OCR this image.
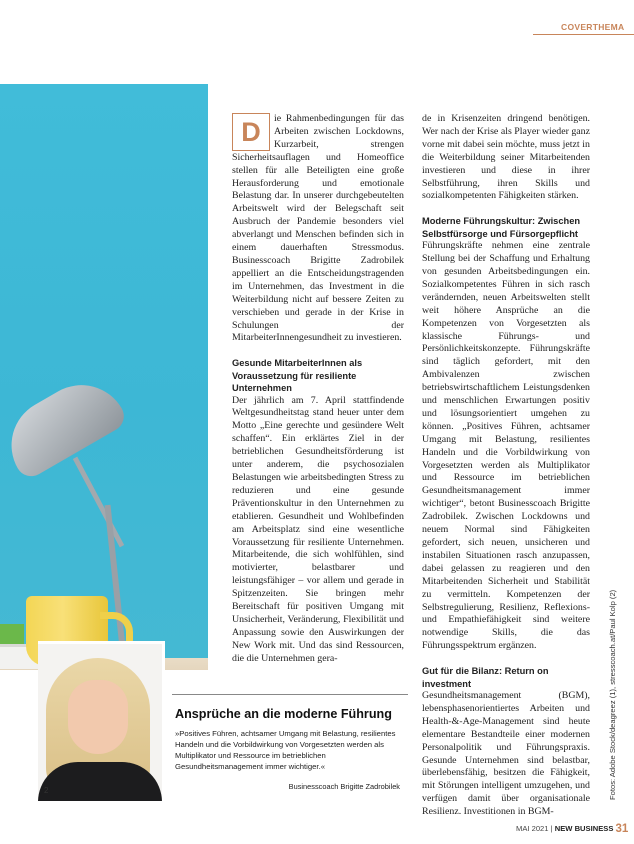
COVERTHEMA
2
D	ie Rahmenbedingungen für das Arbeiten zwischen Lockdowns, Kurzarbeit, strengen Sicherheitsauflagen und Homeoffice stellen für alle Beteiligten eine große Herausforderung und emotionale Belastung dar. In unserer durchgebeutelten Arbeitswelt wird der Belegschaft seit Ausbruch der Pandemie besonders viel abverlangt und Menschen befinden sich in einem dauerhaften Stressmodus. Businesscoach Brigitte Zadrobilek appelliert an die Entscheidungstragenden im Unternehmen, das Investment in die Weiterbildung nicht auf bessere Zeiten zu verschieben und gerade in der Krise in Schulungen der MitarbeiterInnengesundheit zu investieren.

Gesunde MitarbeiterInnen als Voraussetzung für resiliente Unternehmen

Der jährlich am 7. April stattfindende Weltgesundheitstag stand heuer unter dem Motto „Eine gerechte und gesündere Welt schaffen“. Ein erklärtes Ziel in der betrieblichen Gesundheitsförderung ist unter anderem, die psychosozialen Belastungen wie arbeitsbedingten Stress zu reduzieren und eine gesunde Präventionskultur in den Unternehmen zu etablieren. Gesundheit und Wohlbefinden am Arbeitsplatz sind eine wesentliche Voraussetzung für resiliente Unternehmen. Mitarbeitende, die sich wohlfühlen, sind motivierter, belastbarer und leistungsfähiger – vor allem und gerade in Spitzenzeiten. Sie bringen mehr Bereitschaft für positiven Umgang mit Unsicherheit, Veränderung, Flexibilität und Anpassung sowie den Auswirkungen der New Work mit. Und das sind Ressourcen, die die Unternehmen gera-

de in Krisenzeiten dringend benötigen. Wer nach der Krise als Player wieder ganz vorne mit dabei sein möchte, muss jetzt in die Weiterbildung seiner Mitarbeitenden investieren und diese in ihrer Selbstführung, ihren Skills und sozialkompetenten Fähigkeiten stärken.

Moderne Führungskultur: Zwischen Selbstfürsorge und Fürsorgepflicht

Führungskräfte nehmen eine zentrale Stellung bei der Schaffung und Erhaltung von gesunden Arbeitsbedingungen ein. Sozialkompetentes Führen in sich rasch verändernden, neuen Arbeitswelten stellt weit höhere Ansprüche an die Kompetenzen von Vorgesetzten als klassische Führungs- und Persönlichkeitskonzepte. Führungskräfte sind täglich gefordert, mit den Ambivalenzen zwischen betriebswirtschaftlichem Leistungsdenken und menschlichen Erwartungen positiv und lösungsorientiert umgehen zu können. „Positives Führen, achtsamer Umgang mit Belastung, resilientes Handeln und die Vorbildwirkung von Vorgesetzten werden als Multiplikator und Ressource im betrieblichen Gesundheitsmanagement immer wichtiger“, betont Businesscoach Brigitte Zadrobilek. Zwischen Lockdowns und neuem Normal sind Fähigkeiten gefordert, sich neuen, unsicheren und instabilen Situationen rasch anzupassen, dabei gelassen zu reagieren und den Mitarbeitenden Sicherheit und Stabilität zu vermitteln. Kompetenzen der Selbstregulierung, Resilienz, Reflexions- und Empathiefähigkeit sind weitere notwendige Skills, die das Führungsspektrum ergänzen.

Gut für die Bilanz: Return on investment

Gesundheitsmanagement (BGM), lebensphasenorientiertes Arbeiten und Health-&-Age-Management sind heute elementare Bestandteile einer modernen Personalpolitik und Führungspraxis. Gesunde Unternehmen sind belastbar, überlebensfähig, besitzen die Fähigkeit, mit Störungen intelligent umzugehen, und verfügen damit über organisationale Resilienz. Investitionen in BGM-

Ansprüche an die moderne Führung
»Positives Führen, achtsamer Umgang mit Belastung, resilientes Handeln und die Vorbildwirkung von Vorgesetzten werden als Multiplikator und Ressource im betrieblichen Gesundheitsmanagement immer wichtiger.«
Businesscoach Brigitte Zadrobilek	Fotos: Adobe Stock/deagreez (1), stresscoach.at/Paul Kolp (2)
MAI 2021 | NEW BUSINESS 31
